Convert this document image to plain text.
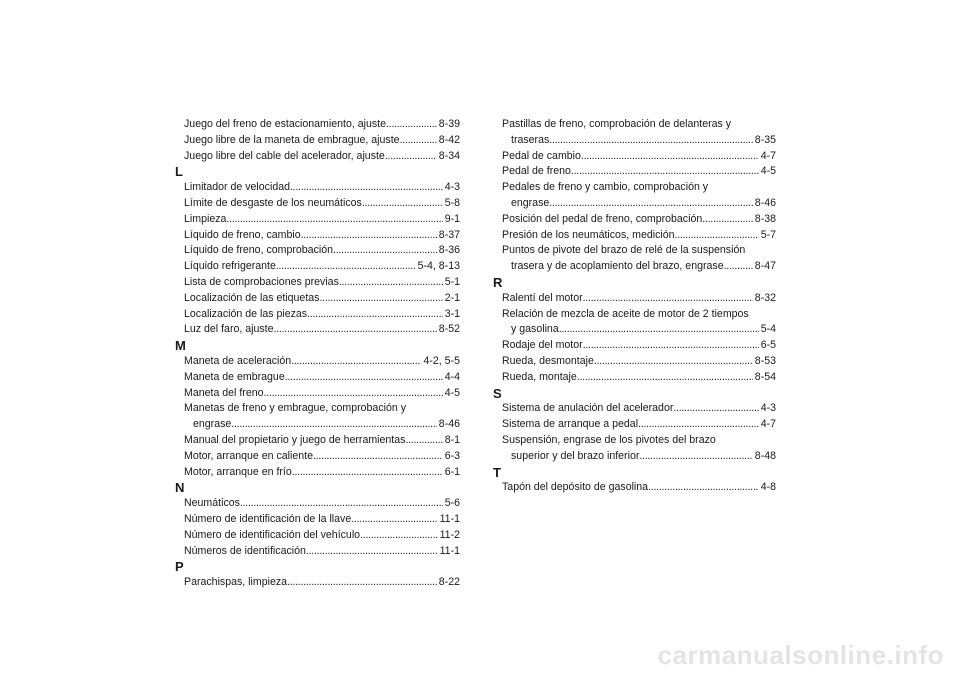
Juego del freno de estacionamiento, ajuste . . .	8-39
Juego libre de la maneta de embrague, ajuste . . .	8-42
Juego libre del cable del acelerador, ajuste . . .	8-34
L
Limitador de velocidad . . .	4-3
Límite de desgaste de los neumáticos . . .	5-8
Limpieza . . .	9-1
Líquido de freno, cambio . . .	8-37
Líquido de freno, comprobación . . .	8-36
Líquido refrigerante . . .	5-4, 8-13
Lista de comprobaciones previas . . .	5-1
Localización de las etiquetas . . .	2-1
Localización de las piezas . . .	3-1
Luz del faro, ajuste . . .	8-52
M
Maneta de aceleración . . .	4-2, 5-5
Maneta de embrague . . .	4-4
Maneta del freno . . .	4-5
Manetas de freno y embrague, comprobación y
engrase . . .	8-46
Manual del propietario y juego de herramientas . . .	8-1
Motor, arranque en caliente . . .	6-3
Motor, arranque en frío . . .	6-1
N
Neumáticos . . .	5-6
Número de identificación de la llave . . .	11-1
Número de identificación del vehículo . . .	11-2
Números de identificación . . .	11-1
P
Parachispas, limpieza . . .	8-22
Pastillas de freno, comprobación de delanteras y
traseras . . .	8-35
Pedal de cambio . . .	4-7
Pedal de freno . . .	4-5
Pedales de freno y cambio, comprobación y
engrase . . .	8-46
Posición del pedal de freno, comprobación . . .	8-38
Presión de los neumáticos, medición . . .	5-7
Puntos de pivote del brazo de relé de la suspensión
trasera y de acoplamiento del brazo, engrase . . .	8-47
R
Ralentí del motor . . .	8-32
Relación de mezcla de aceite de motor de 2 tiempos
y gasolina . . .	5-4
Rodaje del motor . . .	6-5
Rueda, desmontaje . . .	8-53
Rueda, montaje . . .	8-54
S
Sistema de anulación del acelerador . . .	4-3
Sistema de arranque a pedal . . .	4-7
Suspensión, engrase de los pivotes del brazo
superior y del brazo inferior . . .	8-48
T
Tapón del depósito de gasolina . . .	4-8
carmanualsonline.info
